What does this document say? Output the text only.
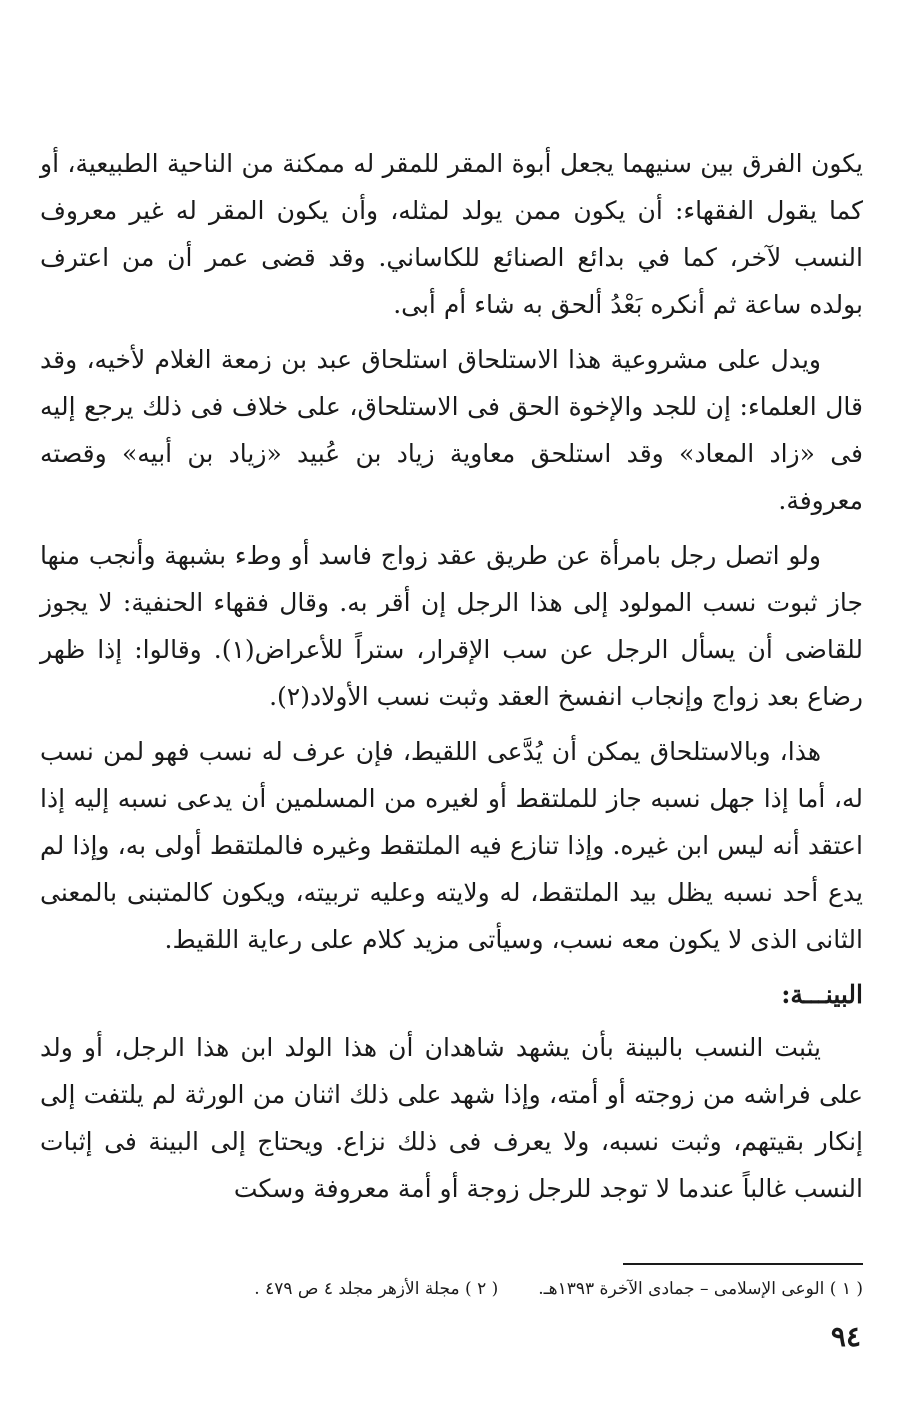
يكون الفرق بين سنيهما يجعل أبوة المقر للمقر له ممكنة من الناحية الطبيعية، أو كما يقول الفقهاء: أن يكون ممن يولد لمثله، وأن يكون المقر له غير معروف النسب لآخر، كما في بدائع الصنائع للكاساني. وقد قضى عمر أن من اعترف بولده ساعة ثم أنكره بَعْدُ ألحق به شاء أم أبى.

ويدل على مشروعية هذا الاستلحاق استلحاق عبد بن زمعة الغلام لأخيه، وقد قال العلماء: إن للجد والإخوة الحق فى الاستلحاق، على خلاف فى ذلك يرجع إليه فى «زاد المعاد» وقد استلحق معاوية زياد بن عُبيد «زياد بن أبيه» وقصته معروفة.

ولو اتصل رجل بامرأة عن طريق عقد زواج فاسد أو وطء بشبهة وأنجب منها جاز ثبوت نسب المولود إلى هذا الرجل إن أقر به. وقال فقهاء الحنفية: لا يجوز للقاضى أن يسأل الرجل عن سب الإقرار، ستراً للأعراض(١). وقالوا: إذا ظهر رضاع بعد زواج وإنجاب انفسخ العقد وثبت نسب الأولاد(٢).

هذا، وبالاستلحاق يمكن أن يُدَّعى اللقيط، فإن عرف له نسب فهو لمن نسب له، أما إذا جهل نسبه جاز للملتقط أو لغيره من المسلمين أن يدعى نسبه إليه إذا اعتقد أنه ليس ابن غيره. وإذا تنازع فيه الملتقط وغيره فالملتقط أولى به، وإذا لم يدع أحد نسبه يظل بيد الملتقط، له ولايته وعليه تربيته، ويكون كالمتبنى بالمعنى الثانى الذى لا يكون معه نسب، وسيأتى مزيد كلام على رعاية اللقيط.

البينـــة:

يثبت النسب بالبينة بأن يشهد شاهدان أن هذا الولد ابن هذا الرجل، أو ولد على فراشه من زوجته أو أمته، وإذا شهد على ذلك اثنان من الورثة لم يلتفت إلى إنكار بقيتهم، وثبت نسبه، ولا يعرف فى ذلك نزاع. ويحتاج إلى البينة فى إثبات النسب غالباً عندما لا توجد للرجل زوجة أو أمة معروفة وسكت

( ١ ) الوعى الإسلامى – جمادى الآخرة ١٣٩٣هـ.
( ٢ ) مجلة الأزهر مجلد ٤ ص ٤٧٩ .
٩٤
